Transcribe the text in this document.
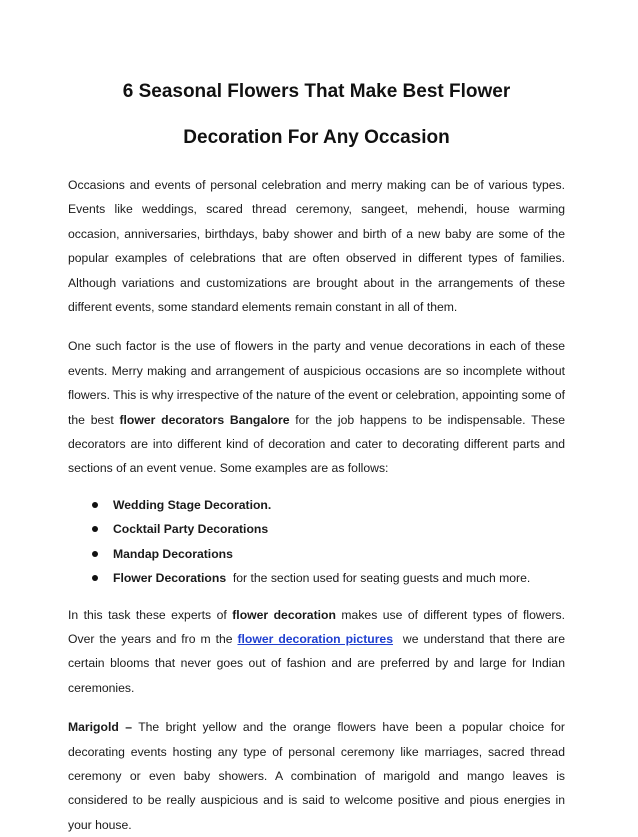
6 Seasonal Flowers That Make Best Flower
Decoration For Any Occasion

Occasions and events of personal celebration and merry making can be of various types. Events like weddings, scared thread ceremony, sangeet, mehendi, house warming occasion, anniversaries, birthdays, baby shower and birth of a new baby are some of the popular examples of celebrations that are often observed in different types of families. Although variations and customizations are brought about in the arrangements of these different events, some standard elements remain constant in all of them.

One such factor is the use of flowers in the party and venue decorations in each of these events. Merry making and arrangement of auspicious occasions are so incomplete without flowers. This is why irrespective of the nature of the event or celebration, appointing some of the best flower decorators Bangalore for the job happens to be indispensable. These decorators are into different kind of decoration and cater to decorating different parts and sections of an event venue. Some examples are as follows:

Wedding Stage Decoration.
Cocktail Party Decorations
Mandap Decorations
Flower Decorations  for the section used for seating guests and much more.

In this task these experts of flower decoration makes use of different types of flowers. Over the years and fro m the flower decoration pictures  we understand that there are certain blooms that never goes out of fashion and are preferred by and large for Indian ceremonies.

Marigold – The bright yellow and the orange flowers have been a popular choice for decorating events hosting any type of personal ceremony like marriages, sacred thread ceremony or even baby showers. A combination of marigold and mango leaves is considered to be really auspicious and is said to welcome positive and pious energies in your house.
